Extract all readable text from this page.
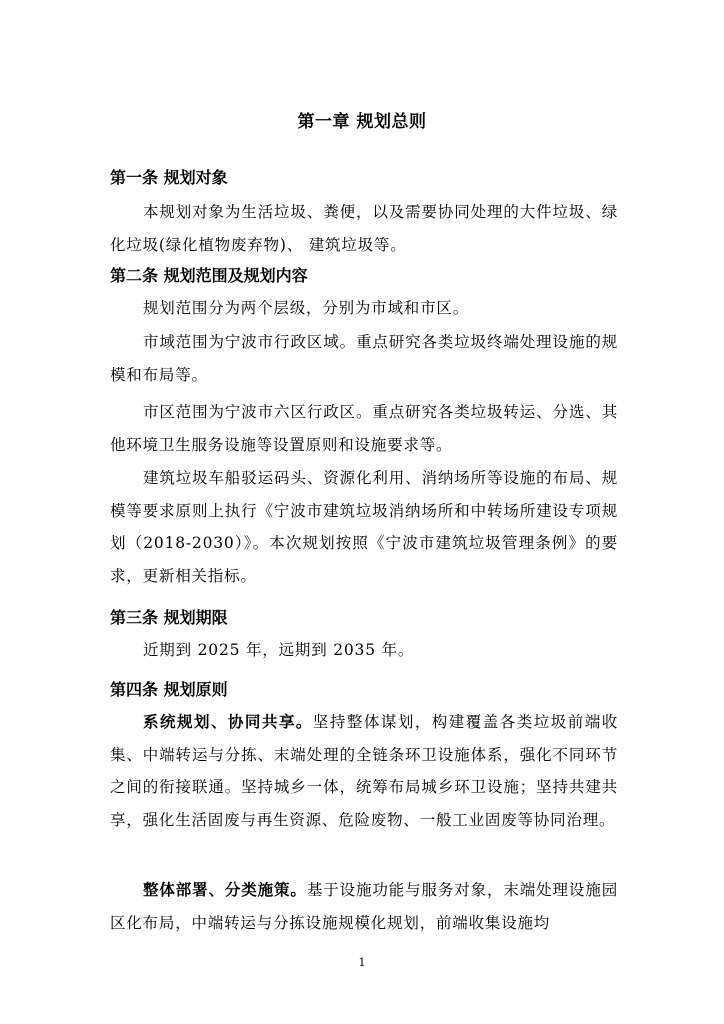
第一章 规划总则
第一条 规划对象
本规划对象为生活垃圾、粪便，以及需要协同处理的大件垃圾、绿化垃圾(绿化植物废弃物)、 建筑垃圾等。
第二条 规划范围及规划内容
规划范围分为两个层级，分别为市域和市区。
市域范围为宁波市行政区域。重点研究各类垃圾终端处理设施的规模和布局等。
市区范围为宁波市六区行政区。重点研究各类垃圾转运、分选、其他环境卫生服务设施等设置原则和设施要求等。
建筑垃圾车船驳运码头、资源化利用、消纳场所等设施的布局、规模等要求原则上执行《宁波市建筑垃圾消纳场所和中转场所建设专项规划（2018-2030）》。本次规划按照《宁波市建筑垃圾管理条例》的要求，更新相关指标。
第三条 规划期限
近期到 2025 年，远期到 2035 年。
第四条 规划原则
系统规划、协同共享。坚持整体谋划，构建覆盖各类垃圾前端收集、中端转运与分拣、末端处理的全链条环卫设施体系，强化不同环节之间的衔接联通。坚持城乡一体，统筹布局城乡环卫设施；坚持共建共享，强化生活固废与再生资源、危险废物、一般工业固废等协同治理。
整体部署、分类施策。基于设施功能与服务对象，末端处理设施园区化布局，中端转运与分拣设施规模化规划，前端收集设施均
1
